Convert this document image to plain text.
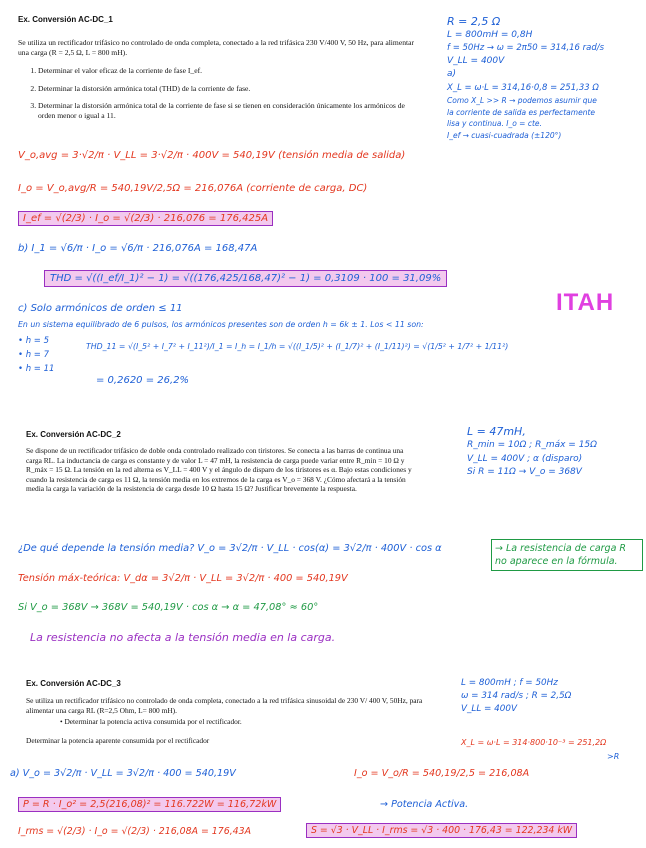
Ex. Conversión AC-DC_1
Se utiliza un rectificador trifásico no controlado de onda completa, conectado a la red trifásica 230 V/400 V, 50 Hz, para alimentar una carga (R = 2,5 Ω, L = 800 mH).
1. Determinar el valor eficaz de la corriente de fase I_ef.
2. Determinar la distorsión armónica total (THD) de la corriente de fase.
3. Determinar la distorsión armónica total de la corriente de fase si se tienen en consideración únicamente los armónicos de orden menor o igual a 11.
R = 2,5 Ω
L = 800mH = 0,8H
f = 50Hz → ω = 2π50 = 314,16 rad/s
V_LL = 400V
a)
X_L = ω·L = 314,16·0,8 = 251,33 Ω
Como X_L >> R → podemos asumir que
la corriente de salida es perfectamente
lisa y continua. I_o = cte.
I_ef → cuasi-cuadrada (±120°)
V_o,avg = 3·√2/π · V_LL = 3·√2/π · 400V = 540,19V (tensión media de salida)
I_o = V_o,avg/R = 540,19V/2,5Ω = 216,076A (corriente de carga, DC)
I_ef = √(2/3) · I_o = √(2/3) · 216,076 = 176,425A
b) I_1 = √6/π · I_o = √6/π · 216,076A = 168,47A
THD = √((I_ef/I_1)² − 1) = √((176,425/168,47)² − 1) = 0,3109 · 100 = 31,09%
c) Solo armónicos de orden ≤ 11	ITAH
En un sistema equilibrado de 6 pulsos, los armónicos presentes son de orden h = 6k ± 1. Los < 11 son:
• h = 5
• h = 7
• h = 11
THD_11 = √(I_5² + I_7² + I_11²)/I_1 = I_h = I_1/h = √((I_1/5)² + (I_1/7)² + (I_1/11)²) = √(1/5² + 1/7² + 1/11²)
= 0,2620 = 26,2%
Ex. Conversión AC-DC_2
Se dispone de un rectificador trifásico de doble onda controlado realizado con tiristores. Se conecta a las barras de continua una carga RL. La inductancia de carga es constante y de valor L = 47 mH, la resistencia de carga puede variar entre R_min = 10 Ω y R_máx = 15 Ω. La tensión en la red alterna es V_LL = 400 V y el ángulo de disparo de los tiristores es α. Bajo estas condiciones y cuando la resistencia de carga es 11 Ω, la tensión media en los extremos de la carga es V_o = 368 V. ¿Cómo afectará a la tensión media la carga la variación de la resistencia de carga desde 10 Ω hasta 15 Ω? Justificar brevemente la respuesta.
L = 47mH,
R_min = 10Ω ; R_máx = 15Ω
V_LL = 400V ; α (disparo)
Si R = 11Ω → V_o = 368V
¿De qué depende la tensión media? V_o = 3√2/π · V_LL · cos(α) = 3√2/π · 400V · cos α	→ La resistencia de carga R no aparece en la fórmula.
Tensión máx-teórica: V_dα = 3√2/π · V_LL = 3√2/π · 400 = 540,19V
Si V_o = 368V → 368V = 540,19V · cos α → α = 47,08° ≈ 60°
La resistencia no afecta a la tensión media en la carga.
Ex. Conversión AC-DC_3
Se utiliza un rectificador trifásico no controlado de onda completa, conectado a la red trifásica sinusoidal de 230 V/ 400 V, 50Hz, para alimentar una carga RL (R=2,5 Ohm, L= 800 mH).
• Determinar la potencia activa consumida por el rectificador.
Determinar la potencia aparente consumida por el rectificador
L = 800mH ; f = 50Hz
ω = 314 rad/s ; R = 2,5Ω
V_LL = 400V
X_L = ω·L = 314·800·10⁻³ = 251,2Ω
>R
a) V_o = 3√2/π · V_LL = 3√2/π · 400 = 540,19V	I_o = V_o/R = 540,19/2,5 = 216,08A
P = R · I_o² = 2,5(216,08)² = 116.722W = 116,72kW	→ Potencia Activa.
I_rms = √(2/3) · I_o = √(2/3) · 216,08A = 176,43A	S = √3 · V_LL · I_rms = √3 · 400 · 176,43 = 122,234 kW
